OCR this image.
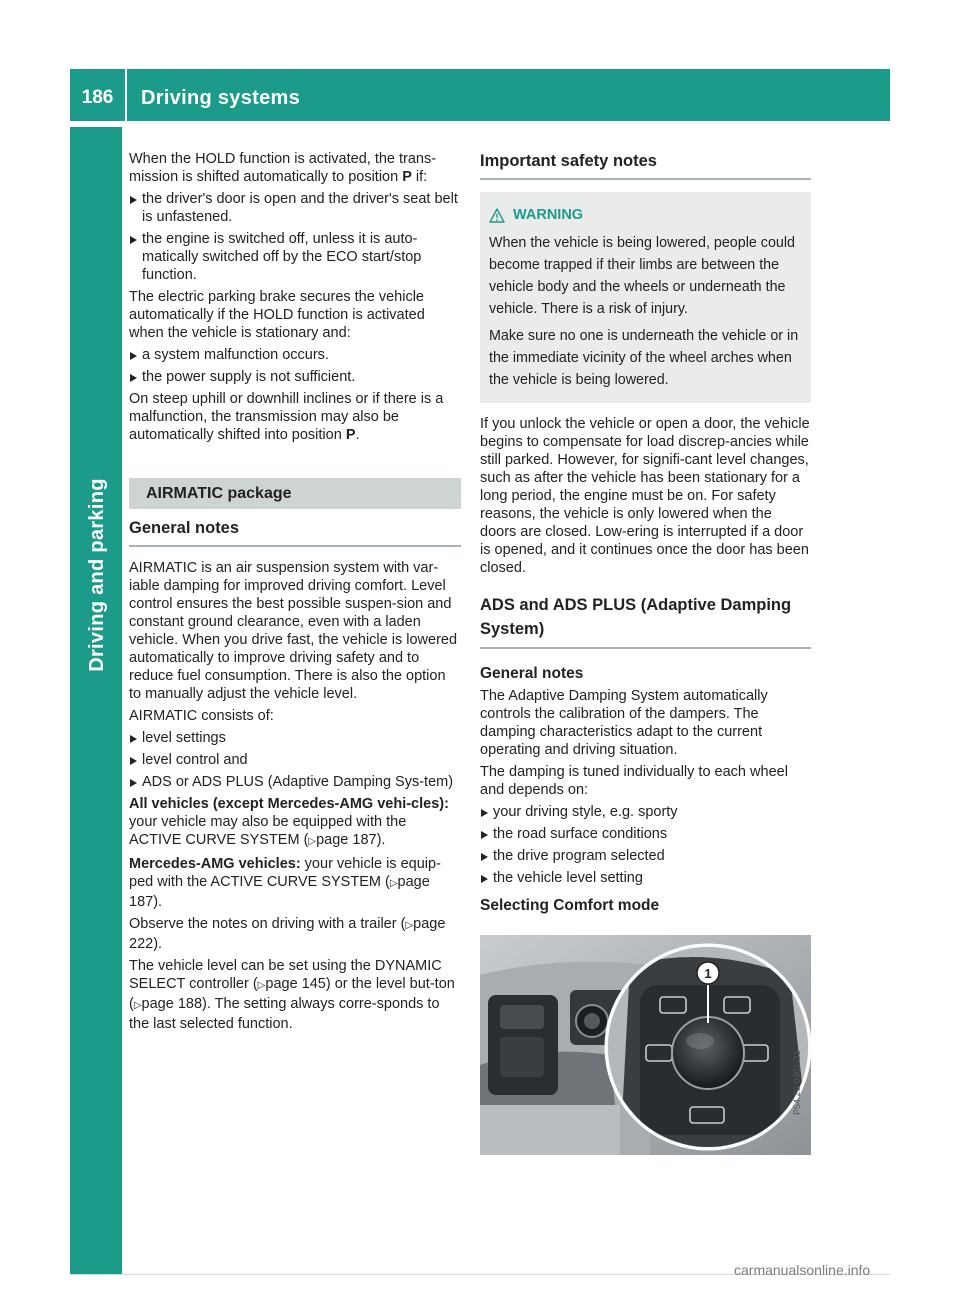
186	Driving systems
Driving and parking

When the HOLD function is activated, the trans-mission is shifted automatically to position P if:

the driver's door is open and the driver's seat belt is unfastened.
the engine is switched off, unless it is auto-matically switched off by the ECO start/stop function.

The electric parking brake secures the vehicle automatically if the HOLD function is activated when the vehicle is stationary and:

a system malfunction occurs.
the power supply is not sufficient.

On steep uphill or downhill inclines or if there is a malfunction, the transmission may also be automatically shifted into position P.

AIRMATIC package
General notes

AIRMATIC is an air suspension system with var-iable damping for improved driving comfort. Level control ensures the best possible suspen-sion and constant ground clearance, even with a laden vehicle. When you drive fast, the vehicle is lowered automatically to improve driving safety and to reduce fuel consumption. There is also the option to manually adjust the vehicle level.

AIRMATIC consists of:

level settings
level control and
ADS or ADS PLUS (Adaptive Damping Sys-tem)

All vehicles (except Mercedes-AMG vehi-cles): your vehicle may also be equipped with the ACTIVE CURVE SYSTEM (▷page 187).

Mercedes-AMG vehicles: your vehicle is equip-ped with the ACTIVE CURVE SYSTEM (▷page 187).

Observe the notes on driving with a trailer (▷page 222).

The vehicle level can be set using the DYNAMIC SELECT controller (▷page 145) or the level but-ton (▷page 188). The setting always corre-sponds to the last selected function.

Important safety notes
WARNING

When the vehicle is being lowered, people could become trapped if their limbs are between the vehicle body and the wheels or underneath the vehicle. There is a risk of injury.

Make sure no one is underneath the vehicle or in the immediate vicinity of the wheel arches when the vehicle is being lowered.

If you unlock the vehicle or open a door, the vehicle begins to compensate for load discrep-ancies while still parked. However, for signifi-cant level changes, such as after the vehicle has been stationary for a long period, the engine must be on. For safety reasons, the vehicle is only lowered when the doors are closed. Low-ering is interrupted if a door is opened, and it continues once the door has been closed.

ADS and ADS PLUS (Adaptive Damping System)
General notes

The Adaptive Damping System automatically controls the calibration of the dampers. The damping characteristics adapt to the current operating and driving situation.

The damping is tuned individually to each wheel and depends on:

your driving style, e.g. sporty
the road surface conditions
the drive program selected
the vehicle level setting
Selecting Comfort mode
1
P54.26-0361-31
carmanualsonline.info
